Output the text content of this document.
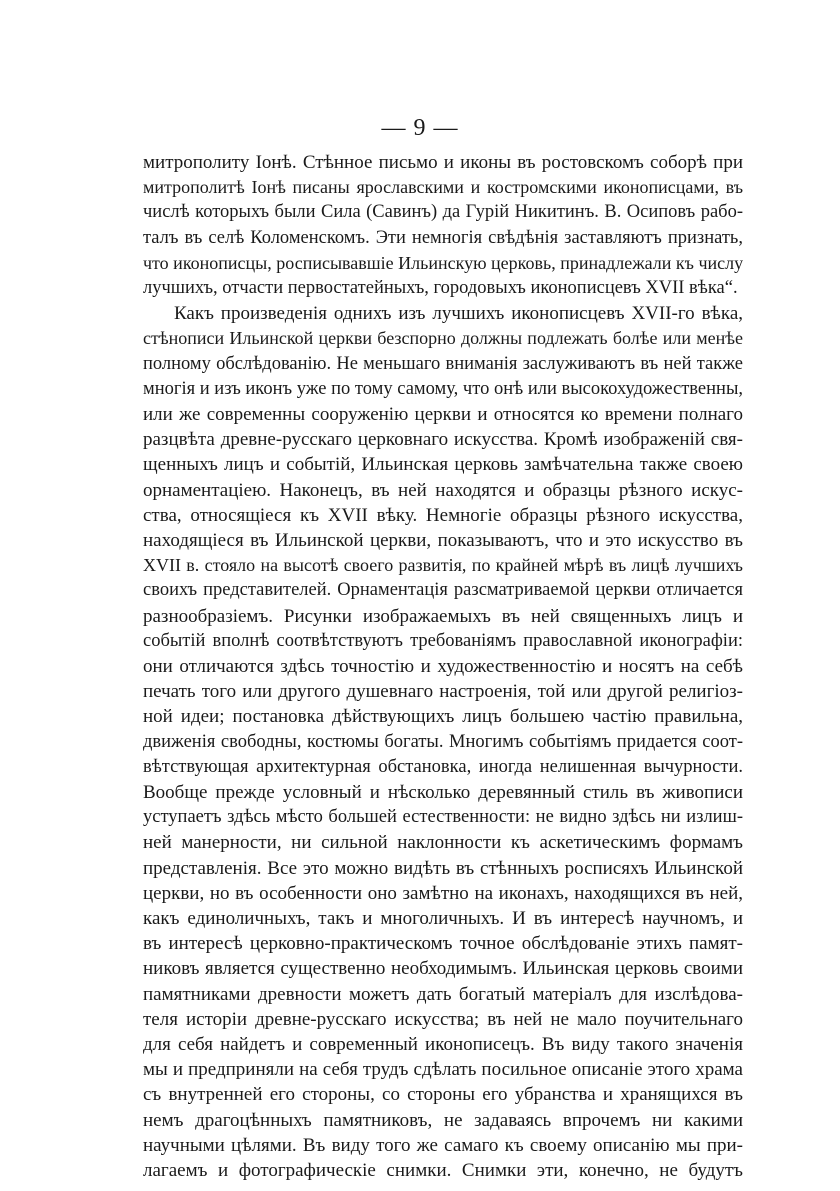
— 9 —
митрополиту Іонѣ. Стѣнное письмо и иконы въ ростовскомъ соборѣ при
митрополитѣ Іонѣ писаны ярославскими и костромскими иконописцами, въ
числѣ которыхъ были Сила (Савинъ) да Гурій Никитинъ. В. Осиповъ рабо-
талъ въ селѣ Коломенскомъ. Эти немногія свѣдѣнія заставляютъ признать,
что иконописцы, росписывавшіе Ильинскую церковь, принадлежали къ числу
лучшихъ, отчасти первостатейныхъ, городовыхъ иконописцевъ XVII вѣка“.
Какъ произведенія однихъ изъ лучшихъ иконописцевъ XVII-го вѣка,
стѣнописи Ильинской церкви безспорно должны подлежать болѣе или менѣе
полному обслѣдованію. Не меньшаго вниманія заслуживаютъ въ ней также
многія и изъ иконъ уже по тому самому, что онѣ или высокохудожественны,
или же современны сооруженію церкви и относятся ко времени полнаго
разцвѣта древне-русскаго церковнаго искусства. Кромѣ изображеній свя-
щенныхъ лицъ и событій, Ильинская церковь замѣчательна также своею
орнаментаціею. Наконецъ, въ ней находятся и образцы рѣзного искус-
ства, относящіеся къ XVII вѣку. Немногіе образцы рѣзного искусства,
находящіеся въ Ильинской церкви, показываютъ, что и это искусство въ
XVII в. стояло на высотѣ своего развитія, по крайней мѣрѣ въ лицѣ лучшихъ
своихъ представителей. Орнаментація разсматриваемой церкви отличается
разнообразіемъ. Рисунки изображаемыхъ въ ней священныхъ лицъ и
событій вполнѣ соотвѣтствуютъ требованіямъ православной иконографіи:
они отличаются здѣсь точностію и художественностію и носятъ на себѣ
печать того или другого душевнаго настроенія, той или другой религіоз-
ной идеи; постановка дѣйствующихъ лицъ большею частію правильна,
движенія свободны, костюмы богаты. Многимъ событіямъ придается соот-
вѣтствующая архитектурная обстановка, иногда нелишенная вычурности.
Вообще прежде условный и нѣсколько деревянный стиль въ живописи
уступаетъ здѣсь мѣсто большей естественности: не видно здѣсь ни излиш-
ней манерности, ни сильной наклонности къ аскетическимъ формамъ
представленія. Все это можно видѣть въ стѣнныхъ росписяхъ Ильинской
церкви, но въ особенности оно замѣтно на иконахъ, находящихся въ ней,
какъ единоличныхъ, такъ и многоличныхъ. И въ интересѣ научномъ, и
въ интересѣ церковно-практическомъ точное обслѣдованіе этихъ памят-
никовъ является существенно необходимымъ. Ильинская церковь своими
памятниками древности можетъ дать богатый матеріалъ для изслѣдова-
теля исторіи древне-русскаго искусства; въ ней не мало поучительнаго
для себя найдетъ и современный иконописецъ. Въ виду такого значенія
мы и предприняли на себя трудъ сдѣлать посильное описаніе этого храма
съ внутренней его стороны, со стороны его убранства и хранящихся въ
немъ драгоцѣнныхъ памятниковъ, не задаваясь впрочемъ ни какими
научными цѣлями. Въ виду того же самаго къ своему описанію мы при-
лагаемъ и фотографическіе снимки. Снимки эти, конечно, не будутъ
